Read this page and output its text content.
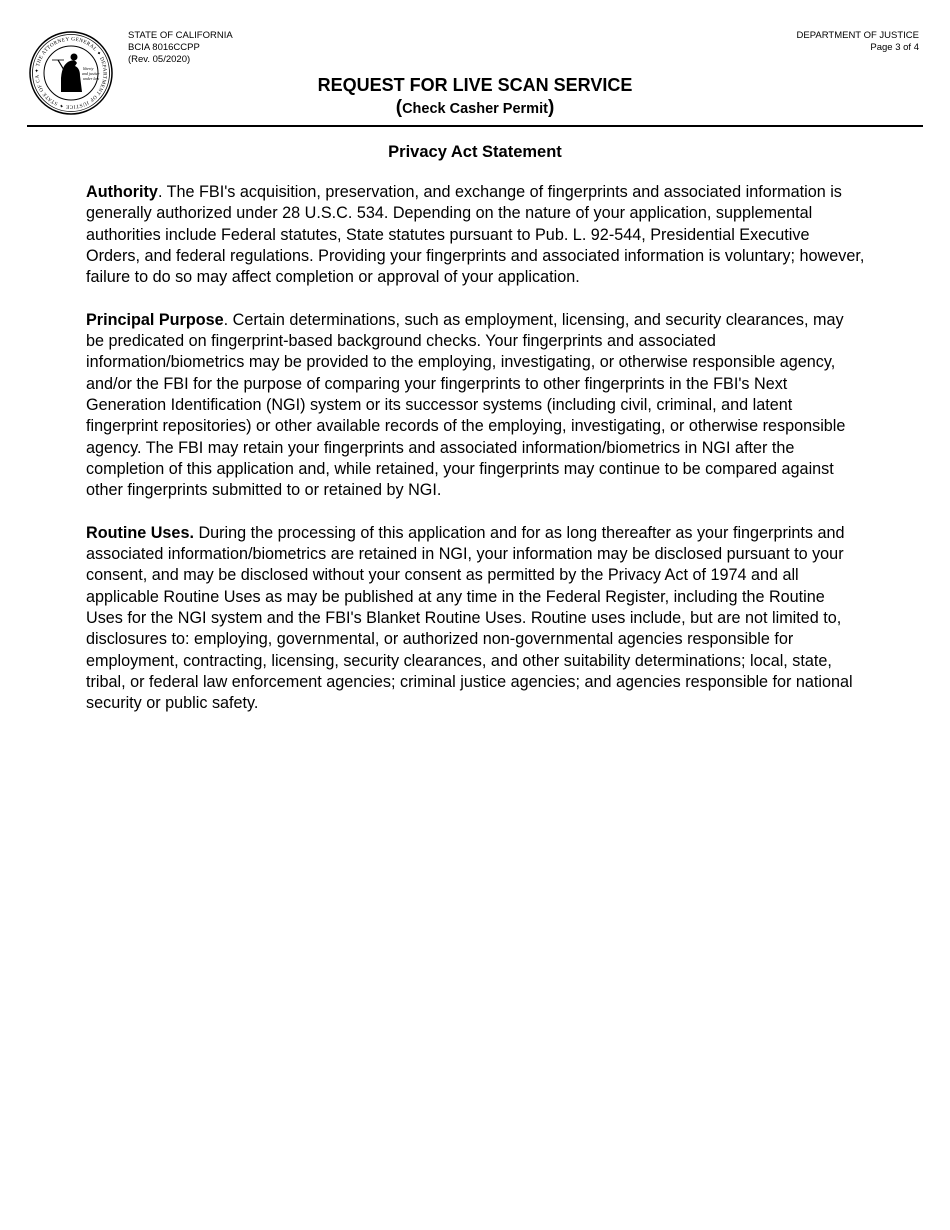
✦ THE ATTORNEY GENERAL ✦ DEPARTMENT OF JUSTICE ✦ STATE OF CA
liberty
and justice
under law
STATE OF CALIFORNIA
BCIA 8016CCPP
(Rev. 05/2020)
DEPARTMENT OF JUSTICE
Page 3 of 4
REQUEST FOR LIVE SCAN SERVICE
(Check Casher Permit)
Privacy Act Statement

Authority. The FBI's acquisition, preservation, and exchange of fingerprints and associated information is generally authorized under 28 U.S.C. 534. Depending on the nature of your application, supplemental authorities include Federal statutes, State statutes pursuant to Pub. L. 92-544, Presidential Executive Orders, and federal regulations. Providing your fingerprints and associated information is voluntary; however, failure to do so may affect completion or approval of your application.

Principal Purpose. Certain determinations, such as employment, licensing, and security clearances, may be predicated on fingerprint-based background checks. Your fingerprints and associated information/biometrics may be provided to the employing, investigating, or otherwise responsible agency, and/or the FBI for the purpose of comparing your fingerprints to other fingerprints in the FBI's Next Generation Identification (NGI) system or its successor systems (including civil, criminal, and latent fingerprint repositories) or other available records of the employing, investigating, or otherwise responsible agency. The FBI may retain your fingerprints and associated information/biometrics in NGI after the completion of this application and, while retained, your fingerprints may continue to be compared against other fingerprints submitted to or retained by NGI.

Routine Uses. During the processing of this application and for as long thereafter as your fingerprints and associated information/biometrics are retained in NGI, your information may be disclosed pursuant to your consent, and may be disclosed without your consent as permitted by the Privacy Act of 1974 and all applicable Routine Uses as may be published at any time in the Federal Register, including the Routine Uses for the NGI system and the FBI's Blanket Routine Uses. Routine uses include, but are not limited to, disclosures to: employing, governmental, or authorized non-governmental agencies responsible for employment, contracting, licensing, security clearances, and other suitability determinations; local, state, tribal, or federal law enforcement agencies; criminal justice agencies; and agencies responsible for national security or public safety.
